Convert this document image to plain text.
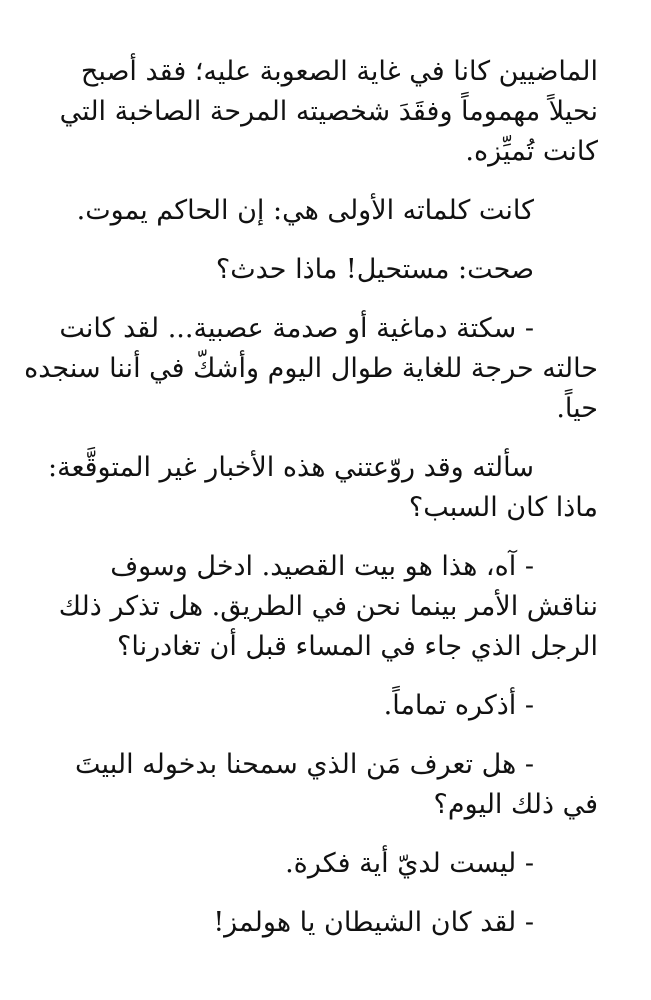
الماضيين كانا في غاية الصعوبة عليه؛ فقد أصبح
نحيلاً مهموماً وفقَدَ شخصيته المرحة الصاخبة التي
كانت تُميِّزه.

كانت كلماته الأولى هي: إن الحاكم يموت.

صحت: مستحيل! ماذا حدث؟

- سكتة دماغية أو صدمة عصبية... لقد كانت
حالته حرجة للغاية طوال اليوم وأشكّ في أننا سنجده
حياً.

سألته وقد روّعتني هذه الأخبار غير المتوقَّعة:
ماذا كان السبب؟

- آه، هذا هو بيت القصيد. ادخل وسوف
نناقش الأمر بينما نحن في الطريق. هل تذكر ذلك
الرجل الذي جاء في المساء قبل أن تغادرنا؟

- أذكره تماماً.

- هل تعرف مَن الذي سمحنا بدخوله البيتَ
في ذلك اليوم؟

- ليست لديّ أية فكرة.

- لقد كان الشيطان يا هولمز!
